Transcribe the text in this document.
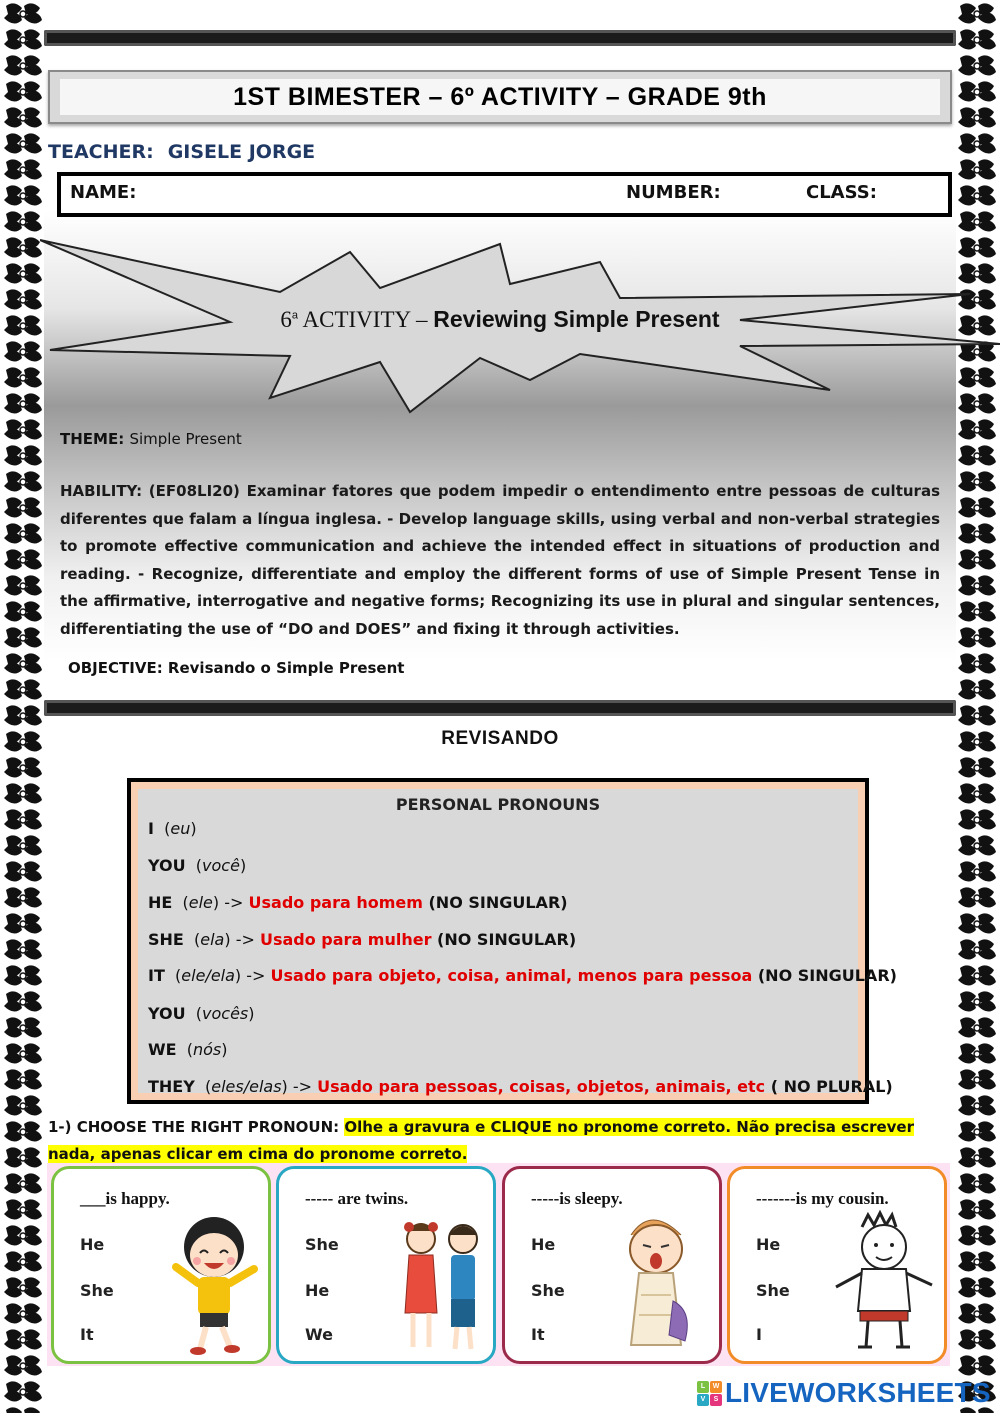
1ST BIMESTER – 6º ACTIVITY – GRADE 9th
TEACHER: GISELE JORGE
NAME:	NUMBER:	CLASS:
6$^a$ ACTIVITY – Reviewing Simple Present
THEME: Simple Present
HABILITY: (EF08LI20) Examinar fatores que podem impedir o entendimento entre pessoas de culturas diferentes que falam a língua inglesa. - Develop language skills, using verbal and non-verbal strategies to promote effective communication and achieve the intended effect in situations of production and reading. - Recognize, differentiate and employ the different forms of use of Simple Present Tense in the affirmative, interrogative and negative forms; Recognizing its use in plural and singular sentences, differentiating the use of “DO and DOES” and fixing it through activities.
OBJECTIVE: Revisando o Simple Present
REVISANDO
PERSONAL PRONOUNS
I  (eu)
YOU  (você)
HE  (ele) -> Usado para homem (NO SINGULAR)
SHE  (ela) -> Usado para mulher (NO SINGULAR)
IT  (ele/ela) -> Usado para objeto, coisa, animal, menos para pessoa (NO SINGULAR)
YOU  (vocês)
WE  (nós)
THEY  (eles/elas) -> Usado para pessoas, coisas, objetos, animais, etc ( NO PLURAL)
1-) CHOOSE THE RIGHT PRONOUN: Olhe a gravura e CLIQUE no pronome correto. Não precisa escrever nada, apenas clicar em cima do pronome correto.
___is happy.
He
She
It
----- are twins.
She
He
We
-----is sleepy.
He
She
It
-------is my cousin.
He
She
I
L	W
V	S LIVEWORKSHEETS
